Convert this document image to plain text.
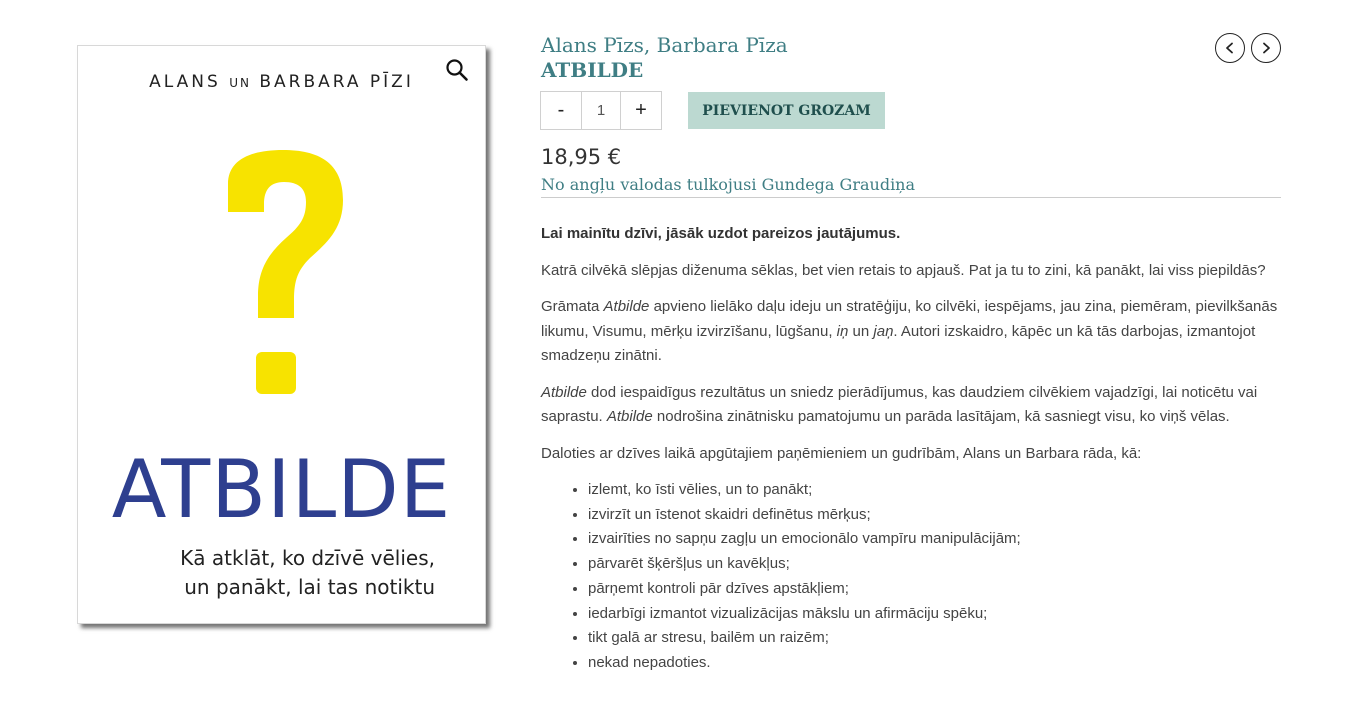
ALANS UN BARBARA PĪZI
ATBILDE
Kā atklāt, ko dzīvē vēlies,
un panākt, lai tas notiktu
Alans Pīzs, Barbara Pīza
ATBILDE
-	1	+	PIEVIENOT GROZAM
18,95 €
No angļu valodas tulkojusi Gundega Graudiņa

Lai mainītu dzīvi, jāsāk uzdot pareizos jautājumus.

Katrā cilvēkā slēpjas diženuma sēklas, bet vien retais to apjauš. Pat ja tu to zini, kā panākt, lai viss piepildās?

Grāmata Atbilde apvieno lielāko daļu ideju un stratēģiju, ko cilvēki, iespējams, jau zina, piemēram, pievilkšanās likumu, Visumu, mērķu izvirzīšanu, lūgšanu, iņ un jaņ. Autori izskaidro, kāpēc un kā tās darbojas, izmantojot smadzeņu zinātni.

Atbilde dod iespaidīgus rezultātus un sniedz pierādījumus, kas daudziem cilvēkiem vajadzīgi, lai noticētu vai saprastu. Atbilde nodrošina zinātnisku pamatojumu un parāda lasītājam, kā sasniegt visu, ko viņš vēlas.

Daloties ar dzīves laikā apgūtajiem paņēmieniem un gudrībām, Alans un Barbara rāda, kā:

• izlemt, ko īsti vēlies, un to panākt;
• izvirzīt un īstenot skaidri definētus mērķus;
• izvairīties no sapņu zagļu un emocionālo vampīru manipulācijām;
• pārvarēt šķēršļus un kavēkļus;
• pārņemt kontroli pār dzīves apstākļiem;
• iedarbīgi izmantot vizualizācijas mākslu un afirmāciju spēku;
• tikt galā ar stresu, bailēm un raizēm;
• nekad nepadoties.
